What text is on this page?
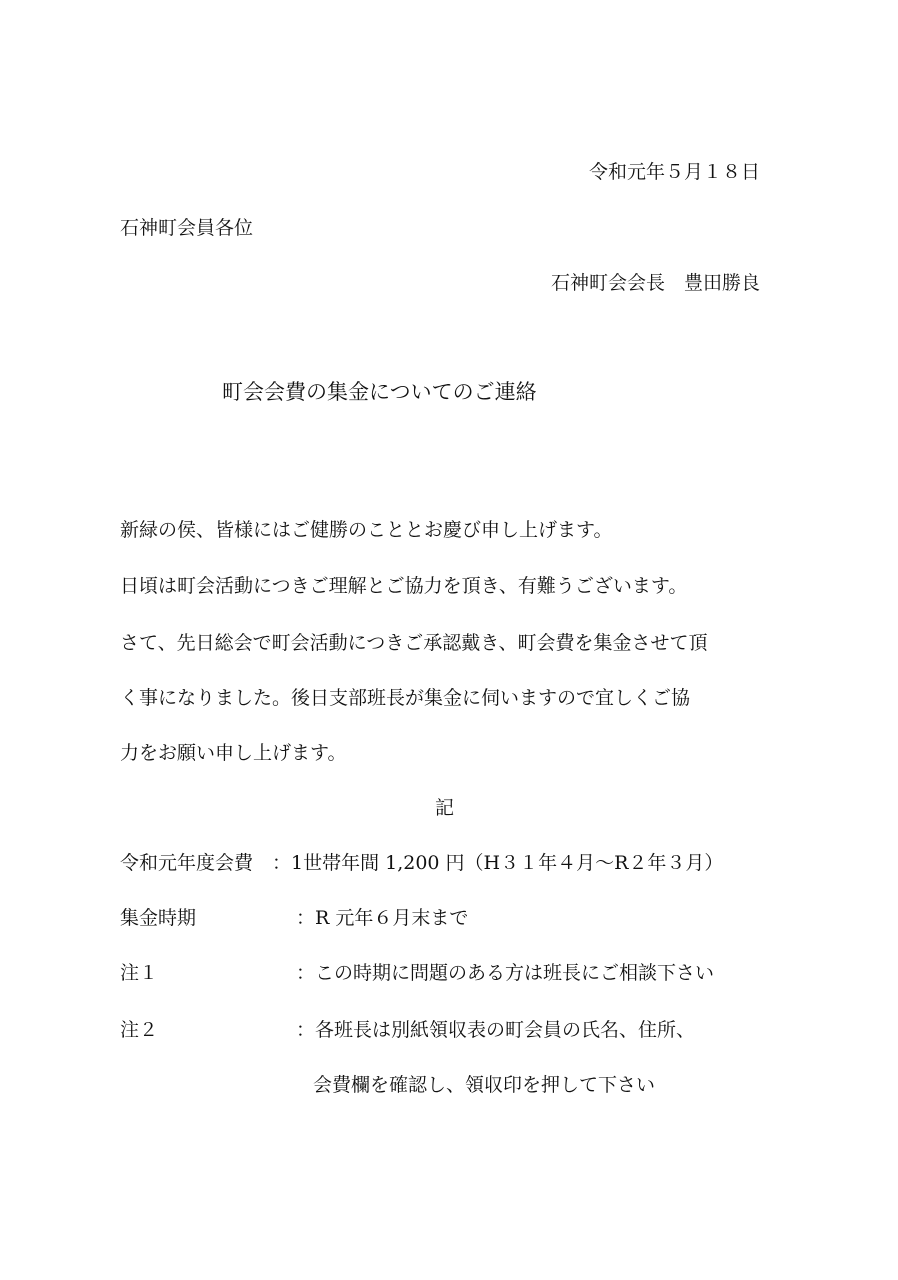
令和元年５月１８日
石神町会員各位
石神町会会長　豊田勝良
町会会費の集金についてのご連絡
新緑の侯、皆様にはご健勝のこととお慶び申し上げます。
日頃は町会活動につきご理解とご協力を頂き、有難うございます。
さて、先日総会で町会活動につきご承認戴き、町会費を集金させて頂
く事になりました。後日支部班長が集金に伺いますので宜しくご協
力をお願い申し上げます。
記
令和元年度会費 ：1世帯年間 1,200 円（H３１年４月～R２年３月）
集金時期	：R 元年６月末まで
注１	：この時期に問題のある方は班長にご相談下さい
注２	：各班長は別紙領収表の町会員の氏名、住所、
会費欄を確認し、領収印を押して下さい
